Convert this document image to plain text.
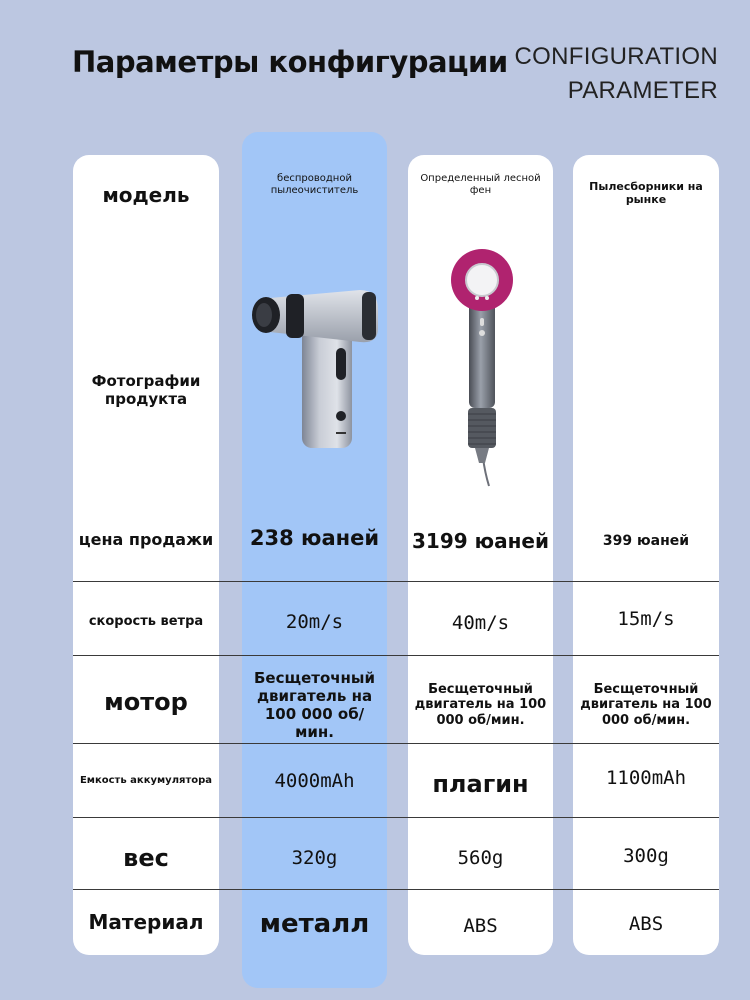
Параметры конфигурации CONFIGURATION
PARAMETER
модель
Фотографии продукта
цена продажи
скорость ветра
мотор
Емкость аккумулятора
вес
Материал
беспроводной пылеочиститель
238 юаней
20m/s
Бесщеточный двигатель на 100 000 об/мин.
4000mAh
320g
металл
Определенный лесной фен
3199 юаней
40m/s
Бесщеточный двигатель на 100 000 об/мин.
плагин
560g
ABS
Пылесборники на рынке
399 юаней
15m/s
Бесщеточный двигатель на 100 000 об/мин.
1100mAh
300g
ABS
